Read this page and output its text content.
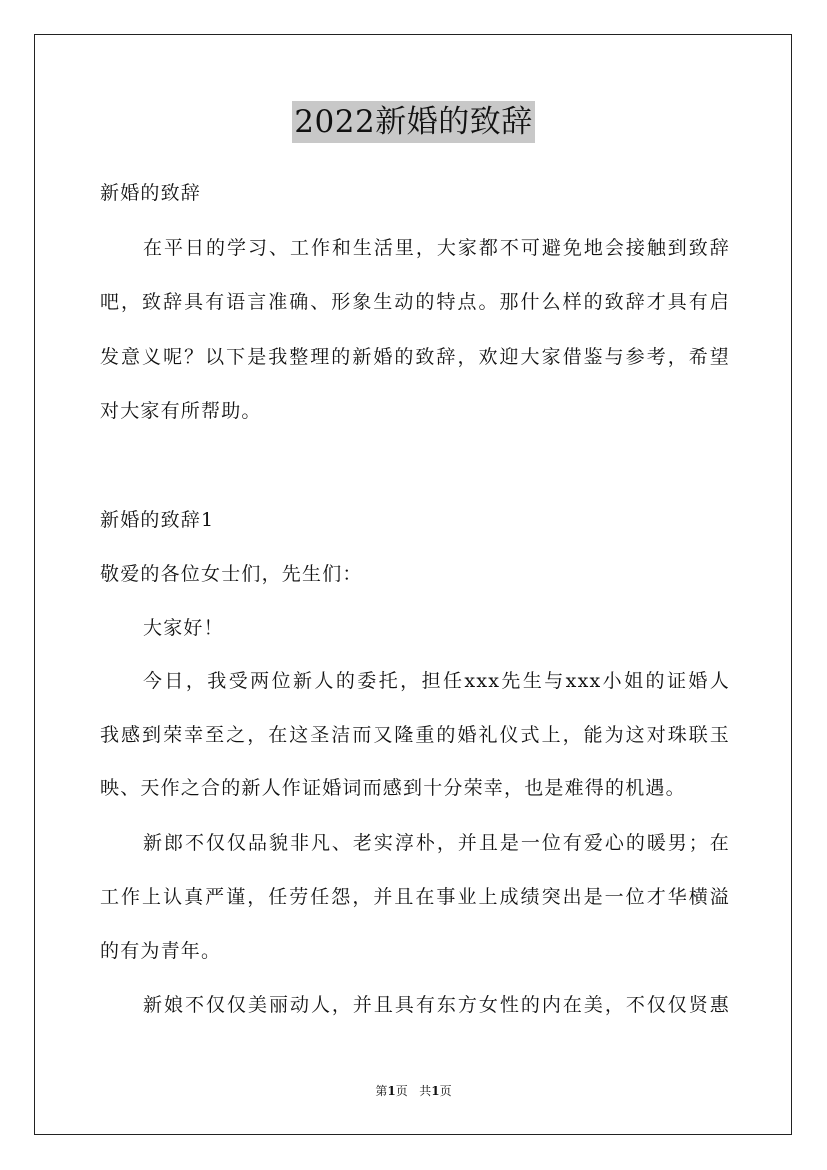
2022新婚的致辞
新婚的致辞
在平日的学习、工作和生活里，大家都不可避免地会接触到致辞
吧，致辞具有语言准确、形象生动的特点。那什么样的致辞才具有启
发意义呢？以下是我整理的新婚的致辞，欢迎大家借鉴与参考，希望
对大家有所帮助。
新婚的致辞1
敬爱的各位女士们，先生们：
大家好！
今日，我受两位新人的委托，担任xxx先生与xxx小姐的证婚人
我感到荣幸至之，在这圣洁而又隆重的婚礼仪式上，能为这对珠联玉
映、天作之合的新人作证婚词而感到十分荣幸，也是难得的机遇。
新郎不仅仅品貌非凡、老实淳朴，并且是一位有爱心的暖男；在
工作上认真严谨，任劳任怨，并且在事业上成绩突出是一位才华横溢
的有为青年。
新娘不仅仅美丽动人，并且具有东方女性的内在美，不仅仅贤惠
第1页 共1页
